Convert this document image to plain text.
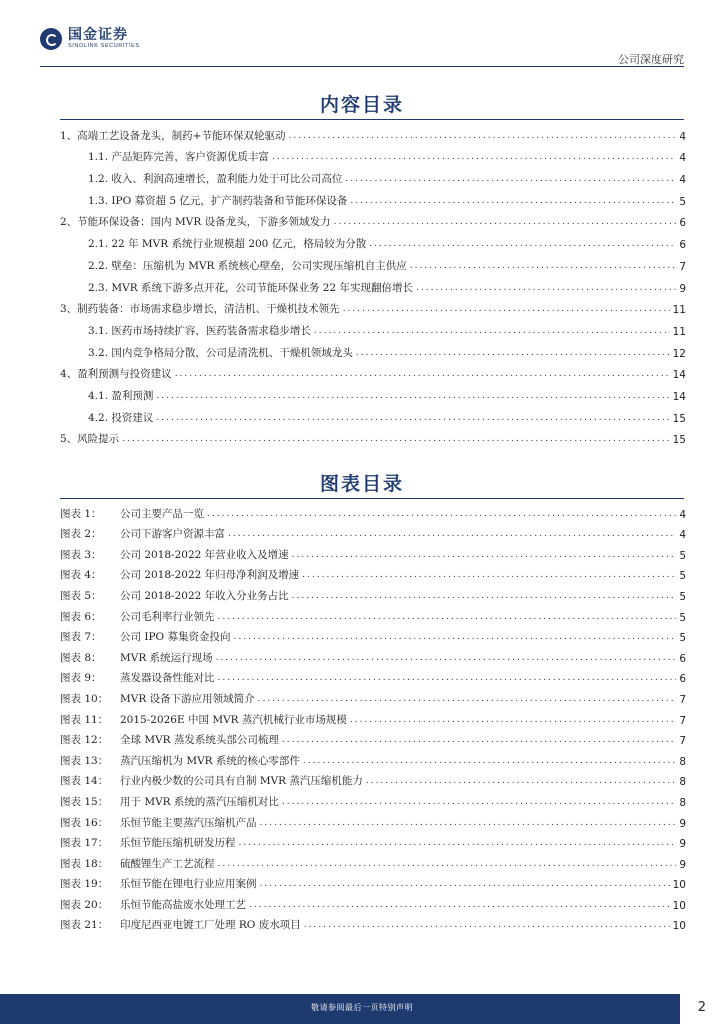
国金证券
SINOLINK SECURITIES
公司深度研究
内容目录
1、高端工艺设备龙头，制药+节能环保双轮驱动 .....	4
1.1. 产品矩阵完善，客户资源优质丰富 .....	4
1.2. 收入、利润高速增长，盈利能力处于可比公司高位 .....	4
1.3. IPO 募资超 5 亿元，扩产制药装备和节能环保设备 .....	5
2、节能环保设备：国内 MVR 设备龙头，下游多领域发力 .....	6
2.1. 22 年 MVR 系统行业规模超 200 亿元，格局较为分散 .....	6
2.2. 壁垒：压缩机为 MVR 系统核心壁垒，公司实现压缩机自主供应 .....	7
2.3. MVR 系统下游多点开花，公司节能环保业务 22 年实现翻倍增长 .....	9
3、制药装备：市场需求稳步增长，清洁机、干燥机技术领先 .....	11
3.1. 医药市场持续扩容，医药装备需求稳步增长 .....	11
3.2. 国内竞争格局分散，公司是清洗机、干燥机领域龙头 .....	12
4、盈利预测与投资建议 .....	14
4.1. 盈利预测 .....	14
4.2. 投资建议 .....	15
5、风险提示 .....	15
图表目录
图表 1：	公司主要产品一览 .....	4
图表 2：	公司下游客户资源丰富 .....	4
图表 3：	公司 2018-2022 年营业收入及增速 .....	5
图表 4：	公司 2018-2022 年归母净利润及增速 .....	5
图表 5：	公司 2018-2022 年收入分业务占比 .....	5
图表 6：	公司毛利率行业领先 .....	5
图表 7：	公司 IPO 募集资金投向 .....	5
图表 8：	MVR 系统运行现场 .....	6
图表 9：	蒸发器设备性能对比 .....	6
图表 10：	MVR 设备下游应用领域简介 .....	7
图表 11：	2015-2026E 中国 MVR 蒸汽机械行业市场规模 .....	7
图表 12：	全球 MVR 蒸发系统头部公司梳理 .....	7
图表 13：	蒸汽压缩机为 MVR 系统的核心零部件 .....	8
图表 14：	行业内极少数的公司具有自制 MVR 蒸汽压缩机能力 .....	8
图表 15：	用于 MVR 系统的蒸汽压缩机对比 .....	8
图表 16：	乐恒节能主要蒸汽压缩机产品 .....	9
图表 17：	乐恒节能压缩机研发历程 .....	9
图表 18：	硫酸锂生产工艺流程 .....	9
图表 19：	乐恒节能在锂电行业应用案例 .....	10
图表 20：	乐恒节能高盐废水处理工艺 .....	10
图表 21：	印度尼西亚电镀工厂处理 RO 废水项目 .....	10
敬请参阅最后一页特别声明	2
